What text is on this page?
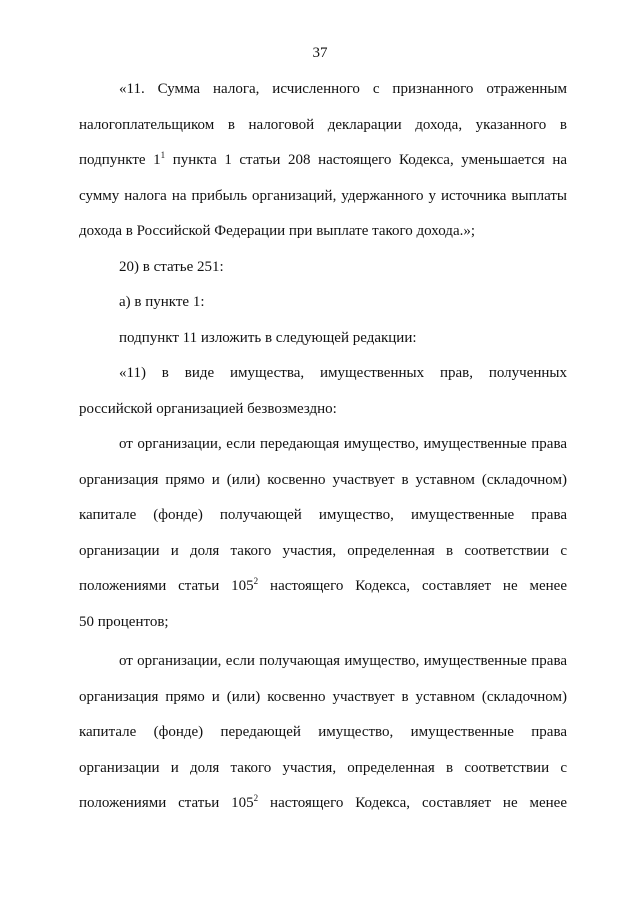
37
«11. Сумма налога, исчисленного с признанного отраженным
налогоплательщиком в налоговой декларации дохода, указанного в
подпункте $1^1$ пункта 1 статьи 208 настоящего Кодекса, уменьшается на
сумму налога на прибыль организаций, удержанного у источника выплаты
дохода в Российской Федерации при выплате такого дохода.»;
20) в статье 251:
а) в пункте 1:
подпункт 11 изложить в следующей редакции:
«11) в виде имущества, имущественных прав, полученных
российской организацией безвозмездно:
от организации, если передающая имущество, имущественные права
организация прямо и (или) косвенно участвует в уставном (складочном)
капитале (фонде) получающей имущество, имущественные права
организации и доля такого участия, определенная в соответствии с
положениями статьи $105^2$ настоящего Кодекса, составляет не менее
50 процентов;
от организации, если получающая имущество, имущественные права
организация прямо и (или) косвенно участвует в уставном (складочном)
капитале (фонде) передающей имущество, имущественные права
организации и доля такого участия, определенная в соответствии с
положениями статьи $105^2$ настоящего Кодекса, составляет не менее
